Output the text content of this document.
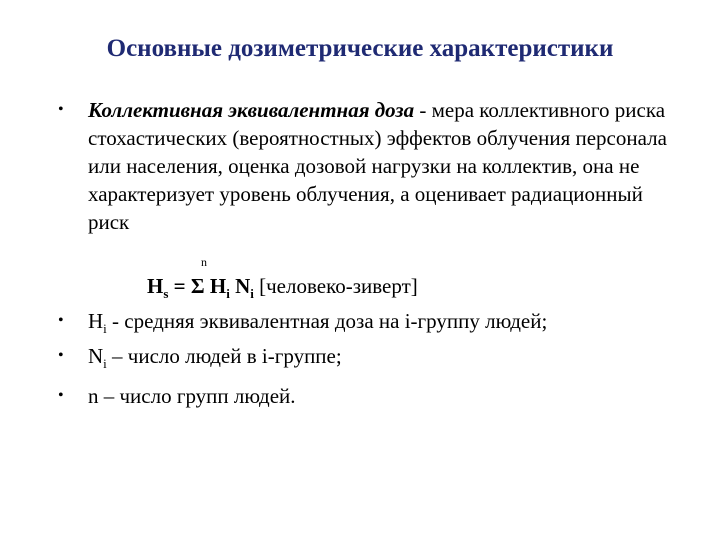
Основные дозиметрические характеристики
• Коллективная эквивалентная доза - мера коллективного риска стохастических (вероятностных) эффектов облучения персонала или населения, оценка дозовой нагрузки на коллектив, она не характеризует уровень облучения, а оценивает радиационный риск
n
$H_s = \Sigma$ $H_i$ $N_i$ [человеко-зиверт]
• $H_i$ - средняя эквивалентная доза на i-группу людей;
• $N_i$ – число людей в i-группе;
• n – число групп людей.
